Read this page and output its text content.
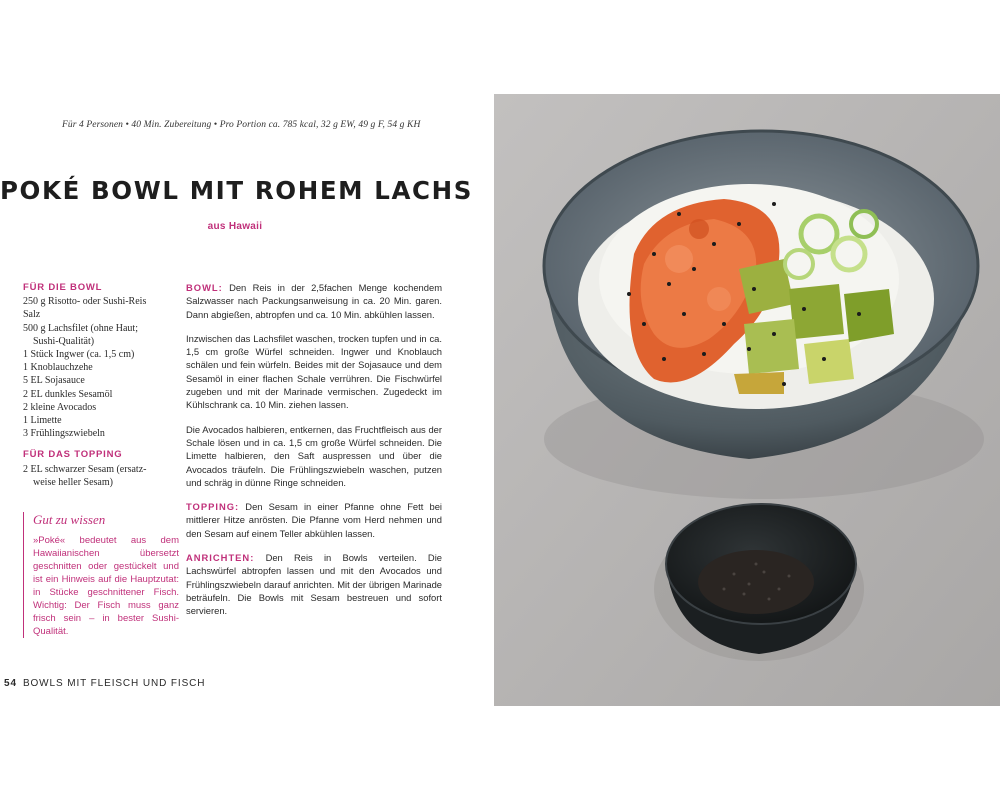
Für 4 Personen • 40 Min. Zubereitung • Pro Portion ca. 785 kcal, 32 g EW, 49 g F, 54 g KH
POKÉ BOWL MIT ROHEM LACHS
aus Hawaii
FÜR DIE BOWL
250 g Risotto- oder Sushi-Reis
Salz
500 g Lachsfilet (ohne Haut;
Sushi-Qualität)
1 Stück Ingwer (ca. 1,5 cm)
1 Knoblauchzehe
5 EL Sojasauce
2 EL dunkles Sesamöl
2 kleine Avocados
1 Limette
3 Frühlingszwiebeln
FÜR DAS TOPPING
2 EL schwarzer Sesam (ersatz-
weise heller Sesam)
Gut zu wissen
»Poké« bedeutet aus dem Hawaiianischen übersetzt geschnitten oder gestückelt und ist ein Hinweis auf die Hauptzutat: in Stücke geschnittener Fisch. Wichtig: Der Fisch muss ganz frisch sein – in bester Sushi-Qualität.

BOWL: Den Reis in der 2,5fachen Menge kochendem Salzwasser nach Packungsanweisung in ca. 20 Min. garen. Dann abgießen, abtropfen und ca. 10 Min. abkühlen lassen.

Inzwischen das Lachsfilet waschen, trocken tupfen und in ca. 1,5 cm große Würfel schneiden. Ingwer und Knoblauch schälen und fein würfeln. Beides mit der Sojasauce und dem Sesamöl in einer flachen Schale verrühren. Die Fischwürfel zugeben und mit der Marinade vermischen. Zugedeckt im Kühlschrank ca. 10 Min. ziehen lassen.

Die Avocados halbieren, entkernen, das Fruchtfleisch aus der Schale lösen und in ca. 1,5 cm große Würfel schneiden. Die Limette halbieren, den Saft auspressen und über die Avocados träufeln. Die Frühlingszwiebeln waschen, putzen und schräg in dünne Ringe schneiden.

TOPPING: Den Sesam in einer Pfanne ohne Fett bei mittlerer Hitze anrösten. Die Pfanne vom Herd nehmen und den Sesam auf einem Teller abkühlen lassen.

ANRICHTEN: Den Reis in Bowls verteilen. Die Lachswürfel abtropfen lassen und mit den Avocados und Frühlingszwiebeln darauf anrichten. Mit der übrigen Marinade beträufeln. Die Bowls mit Sesam bestreuen und sofort servieren.

54 BOWLS MIT FLEISCH UND FISCH
